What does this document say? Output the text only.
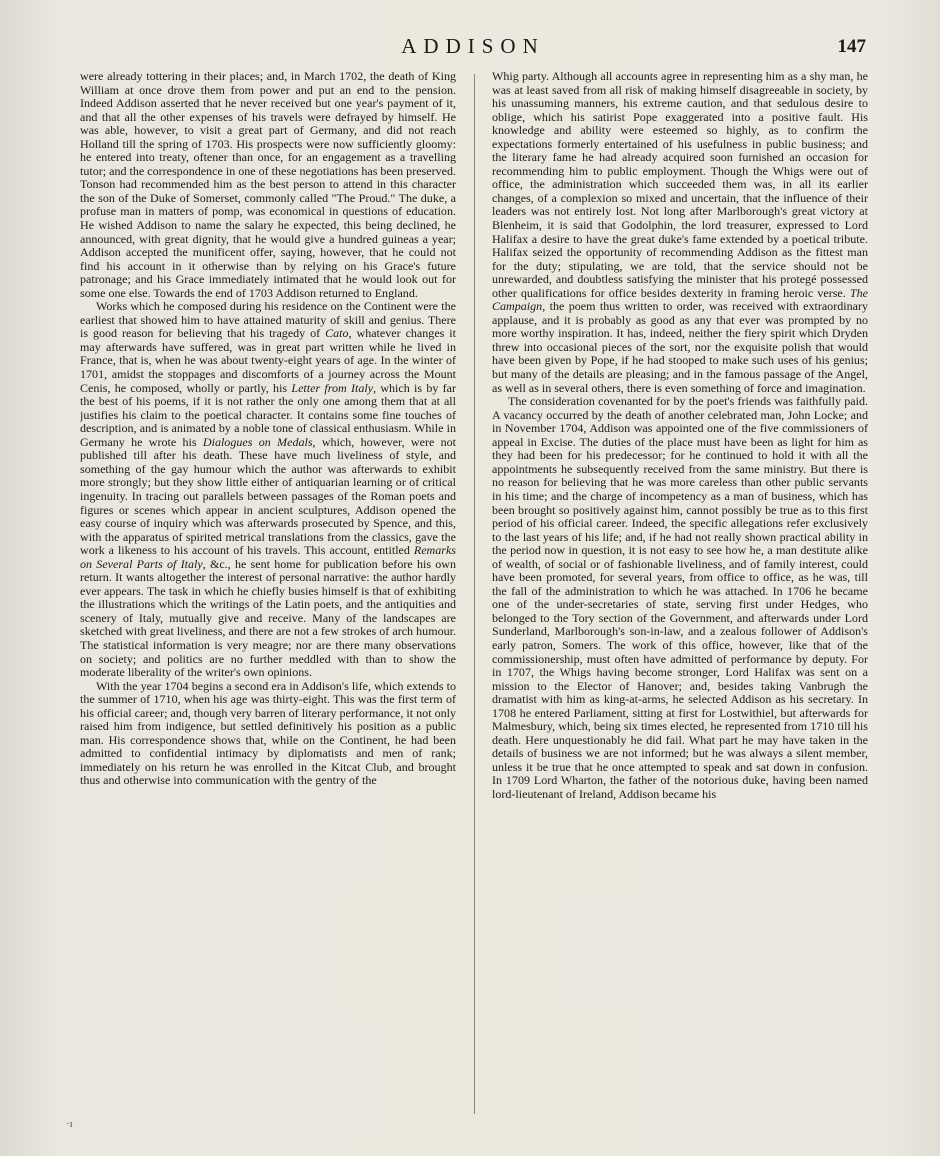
ADDISON	147

were already tottering in their places; and, in March 1702, the death of King William at once drove them from power and put an end to the pension. Indeed Addison asserted that he never received but one year's payment of it, and that all the other expenses of his travels were defrayed by himself. He was able, however, to visit a great part of Germany, and did not reach Holland till the spring of 1703. His prospects were now sufficiently gloomy: he entered into treaty, oftener than once, for an engagement as a travelling tutor; and the correspondence in one of these negotiations has been preserved. Tonson had recommended him as the best person to attend in this character the son of the Duke of Somerset, commonly called "The Proud." The duke, a profuse man in matters of pomp, was economical in questions of education. He wished Addison to name the salary he expected, this being declined, he announced, with great dignity, that he would give a hundred guineas a year; Addison accepted the munificent offer, saying, however, that he could not find his account in it otherwise than by relying on his Grace's future patronage; and his Grace immediately intimated that he would look out for some one else. Towards the end of 1703 Addison returned to England.

Works which he composed during his residence on the Continent were the earliest that showed him to have attained maturity of skill and genius. There is good reason for believing that his tragedy of Cato, whatever changes it may afterwards have suffered, was in great part written while he lived in France, that is, when he was about twenty-eight years of age. In the winter of 1701, amidst the stoppages and discomforts of a journey across the Mount Cenis, he composed, wholly or partly, his Letter from Italy, which is by far the best of his poems, if it is not rather the only one among them that at all justifies his claim to the poetical character. It contains some fine touches of description, and is animated by a noble tone of classical enthusiasm. While in Germany he wrote his Dialogues on Medals, which, however, were not published till after his death. These have much liveliness of style, and something of the gay humour which the author was afterwards to exhibit more strongly; but they show little either of antiquarian learning or of critical ingenuity. In tracing out parallels between passages of the Roman poets and figures or scenes which appear in ancient sculptures, Addison opened the easy course of inquiry which was afterwards prosecuted by Spence, and this, with the apparatus of spirited metrical translations from the classics, gave the work a likeness to his account of his travels. This account, entitled Remarks on Several Parts of Italy, &c., he sent home for publication before his own return. It wants altogether the interest of personal narrative: the author hardly ever appears. The task in which he chiefly busies himself is that of exhibiting the illustrations which the writings of the Latin poets, and the antiquities and scenery of Italy, mutually give and receive. Many of the landscapes are sketched with great liveliness, and there are not a few strokes of arch humour. The statistical information is very meagre; nor are there many observations on society; and politics are no further meddled with than to show the moderate liberality of the writer's own opinions.

With the year 1704 begins a second era in Addison's life, which extends to the summer of 1710, when his age was thirty-eight. This was the first term of his official career; and, though very barren of literary performance, it not only raised him from indigence, but settled definitively his position as a public man. His correspondence shows that, while on the Continent, he had been admitted to confidential intimacy by diplomatists and men of rank; immediately on his return he was enrolled in the Kitcat Club, and brought thus and otherwise into communication with the gentry of the

Whig party. Although all accounts agree in representing him as a shy man, he was at least saved from all risk of making himself disagreeable in society, by his unassuming manners, his extreme caution, and that sedulous desire to oblige, which his satirist Pope exaggerated into a positive fault. His knowledge and ability were esteemed so highly, as to confirm the expectations formerly entertained of his usefulness in public business; and the literary fame he had already acquired soon furnished an occasion for recommending him to public employment. Though the Whigs were out of office, the administration which succeeded them was, in all its earlier changes, of a complexion so mixed and uncertain, that the influence of their leaders was not entirely lost. Not long after Marlborough's great victory at Blenheim, it is said that Godolphin, the lord treasurer, expressed to Lord Halifax a desire to have the great duke's fame extended by a poetical tribute. Halifax seized the opportunity of recommending Addison as the fittest man for the duty; stipulating, we are told, that the service should not be unrewarded, and doubtless satisfying the minister that his protegé possessed other qualifications for office besides dexterity in framing heroic verse. The Campaign, the poem thus written to order, was received with extraordinary applause, and it is probably as good as any that ever was prompted by no more worthy inspiration. It has, indeed, neither the fiery spirit which Dryden threw into occasional pieces of the sort, nor the exquisite polish that would have been given by Pope, if he had stooped to make such uses of his genius; but many of the details are pleasing; and in the famous passage of the Angel, as well as in several others, there is even something of force and imagination.

The consideration covenanted for by the poet's friends was faithfully paid. A vacancy occurred by the death of another celebrated man, John Locke; and in November 1704, Addison was appointed one of the five commissioners of appeal in Excise. The duties of the place must have been as light for him as they had been for his predecessor; for he continued to hold it with all the appointments he subsequently received from the same ministry. But there is no reason for believing that he was more careless than other public servants in his time; and the charge of incompetency as a man of business, which has been brought so positively against him, cannot possibly be true as to this first period of his official career. Indeed, the specific allegations refer exclusively to the last years of his life; and, if he had not really shown practical ability in the period now in question, it is not easy to see how he, a man destitute alike of wealth, of social or of fashionable liveliness, and of family interest, could have been promoted, for several years, from office to office, as he was, till the fall of the administration to which he was attached. In 1706 he became one of the under-secretaries of state, serving first under Hedges, who belonged to the Tory section of the Government, and afterwards under Lord Sunderland, Marlborough's son-in-law, and a zealous follower of Addison's early patron, Somers. The work of this office, however, like that of the commissionership, must often have admitted of performance by deputy. For in 1707, the Whigs having become stronger, Lord Halifax was sent on a mission to the Elector of Hanover; and, besides taking Vanbrugh the dramatist with him as king-at-arms, he selected Addison as his secretary. In 1708 he entered Parliament, sitting at first for Lostwithiel, but afterwards for Malmesbury, which, being six times elected, he represented from 1710 till his death. Here unquestionably he did fail. What part he may have taken in the details of business we are not informed; but he was always a silent member, unless it be true that he once attempted to speak and sat down in confusion. In 1709 Lord Wharton, the father of the notorious duke, having been named lord-lieutenant of Ireland, Addison became his

·ı
